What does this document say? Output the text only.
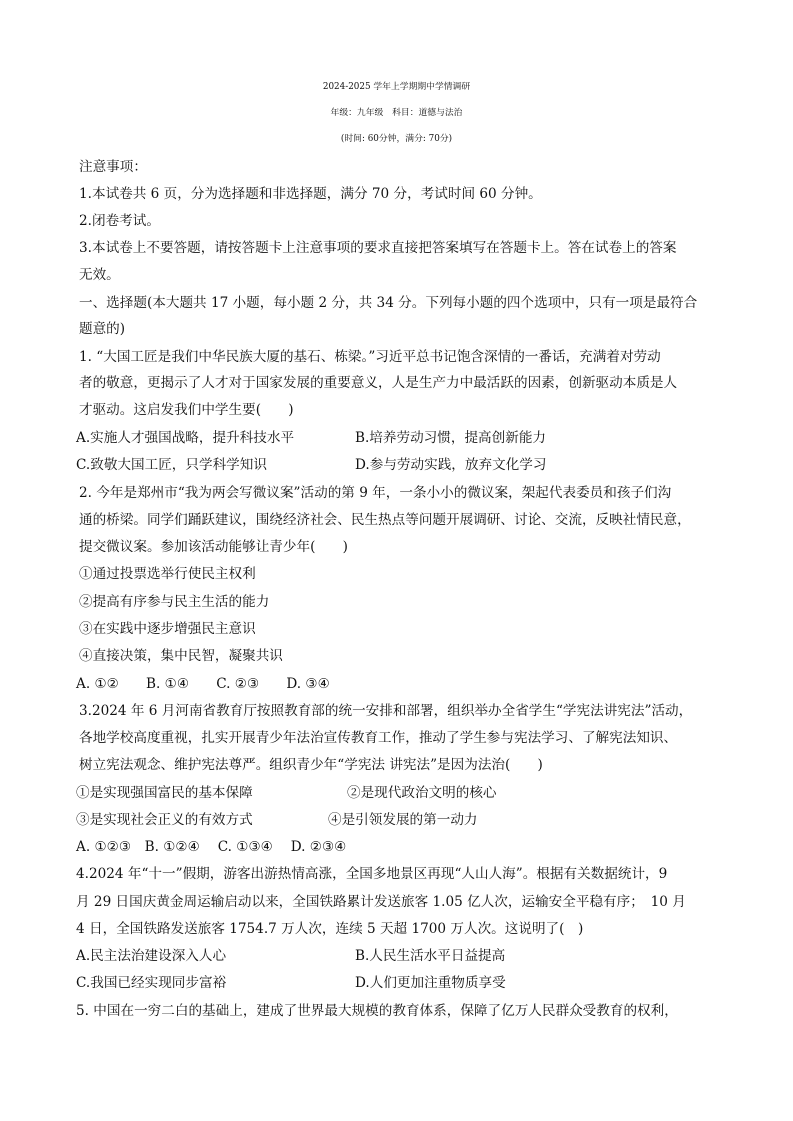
2024-2025 学年上学期期中学情调研
年级：九年级　科目：道德与法治
(时间: 60分钟，满分: 70分)
注意事项：
1.本试卷共 6 页，分为选择题和非选择题，满分 70 分，考试时间 60 分钟。
2.闭卷考试。
3.本试卷上不要答题，请按答题卡上注意事项的要求直接把答案填写在答题卡上。答在试卷上的答案
无效。
一、选择题(本大题共 17 小题，每小题 2 分，共 34 分。下列每小题的四个选项中，只有一项是最符合
题意的)
1. “大国工匠是我们中华民族大厦的基石、栋梁。”习近平总书记饱含深情的一番话，充满着对劳动
者的敬意，更揭示了人才对于国家发展的重要意义，人是生产力中最活跃的因素，创新驱动本质是人
才驱动。这启发我们中学生要(　　)
A.实施人才强国战略，提升科技水平	B.培养劳动习惯，提高创新能力
C.致敬大国工匠，只学科学知识	D.参与劳动实践，放弃文化学习
2. 今年是郑州市“我为两会写微议案”活动的第 9 年，一条小小的微议案，架起代表委员和孩子们沟
通的桥梁。同学们踊跃建议，围绕经济社会、民生热点等问题开展调研、讨论、交流，反映社情民意，
提交微议案。参加该活动能够让青少年(　　)
①通过投票选举行使民主权利
②提高有序参与民主生活的能力
③在实践中逐步增强民主意识
④直接决策，集中民智，凝聚共识
A. ①②　　B. ①④　　C. ②③　　D. ③④
3.2024 年 6 月河南省教育厅按照教育部的统一安排和部署，组织举办全省学生“学宪法讲宪法”活动，
各地学校高度重视，扎实开展青少年法治宣传教育工作，推动了学生参与宪法学习、了解宪法知识、
树立宪法观念、维护宪法尊严。组织青少年“学宪法 讲宪法”是因为法治(　　)
①是实现强国富民的基本保障	②是现代政治文明的核心
③是实现社会正义的有效方式	④是引领发展的第一动力
A. ①②③　B. ①②④　 C. ①③④　 D. ②③④
4.2024 年“十一”假期，游客出游热情高涨，全国多地景区再现“人山人海”。根据有关数据统计，9
月 29 日国庆黄金周运输启动以来，全国铁路累计发送旅客 1.05 亿人次，运输安全平稳有序；　10 月
4 日，全国铁路发送旅客 1754.7 万人次，连续 5 天超 1700 万人次。这说明了(　)
A.民主法治建设深入人心	B.人民生活水平日益提高
C.我国已经实现同步富裕	D.人们更加注重物质享受
5. 中国在一穷二白的基础上，建成了世界最大规模的教育体系，保障了亿万人民群众受教育的权利，
